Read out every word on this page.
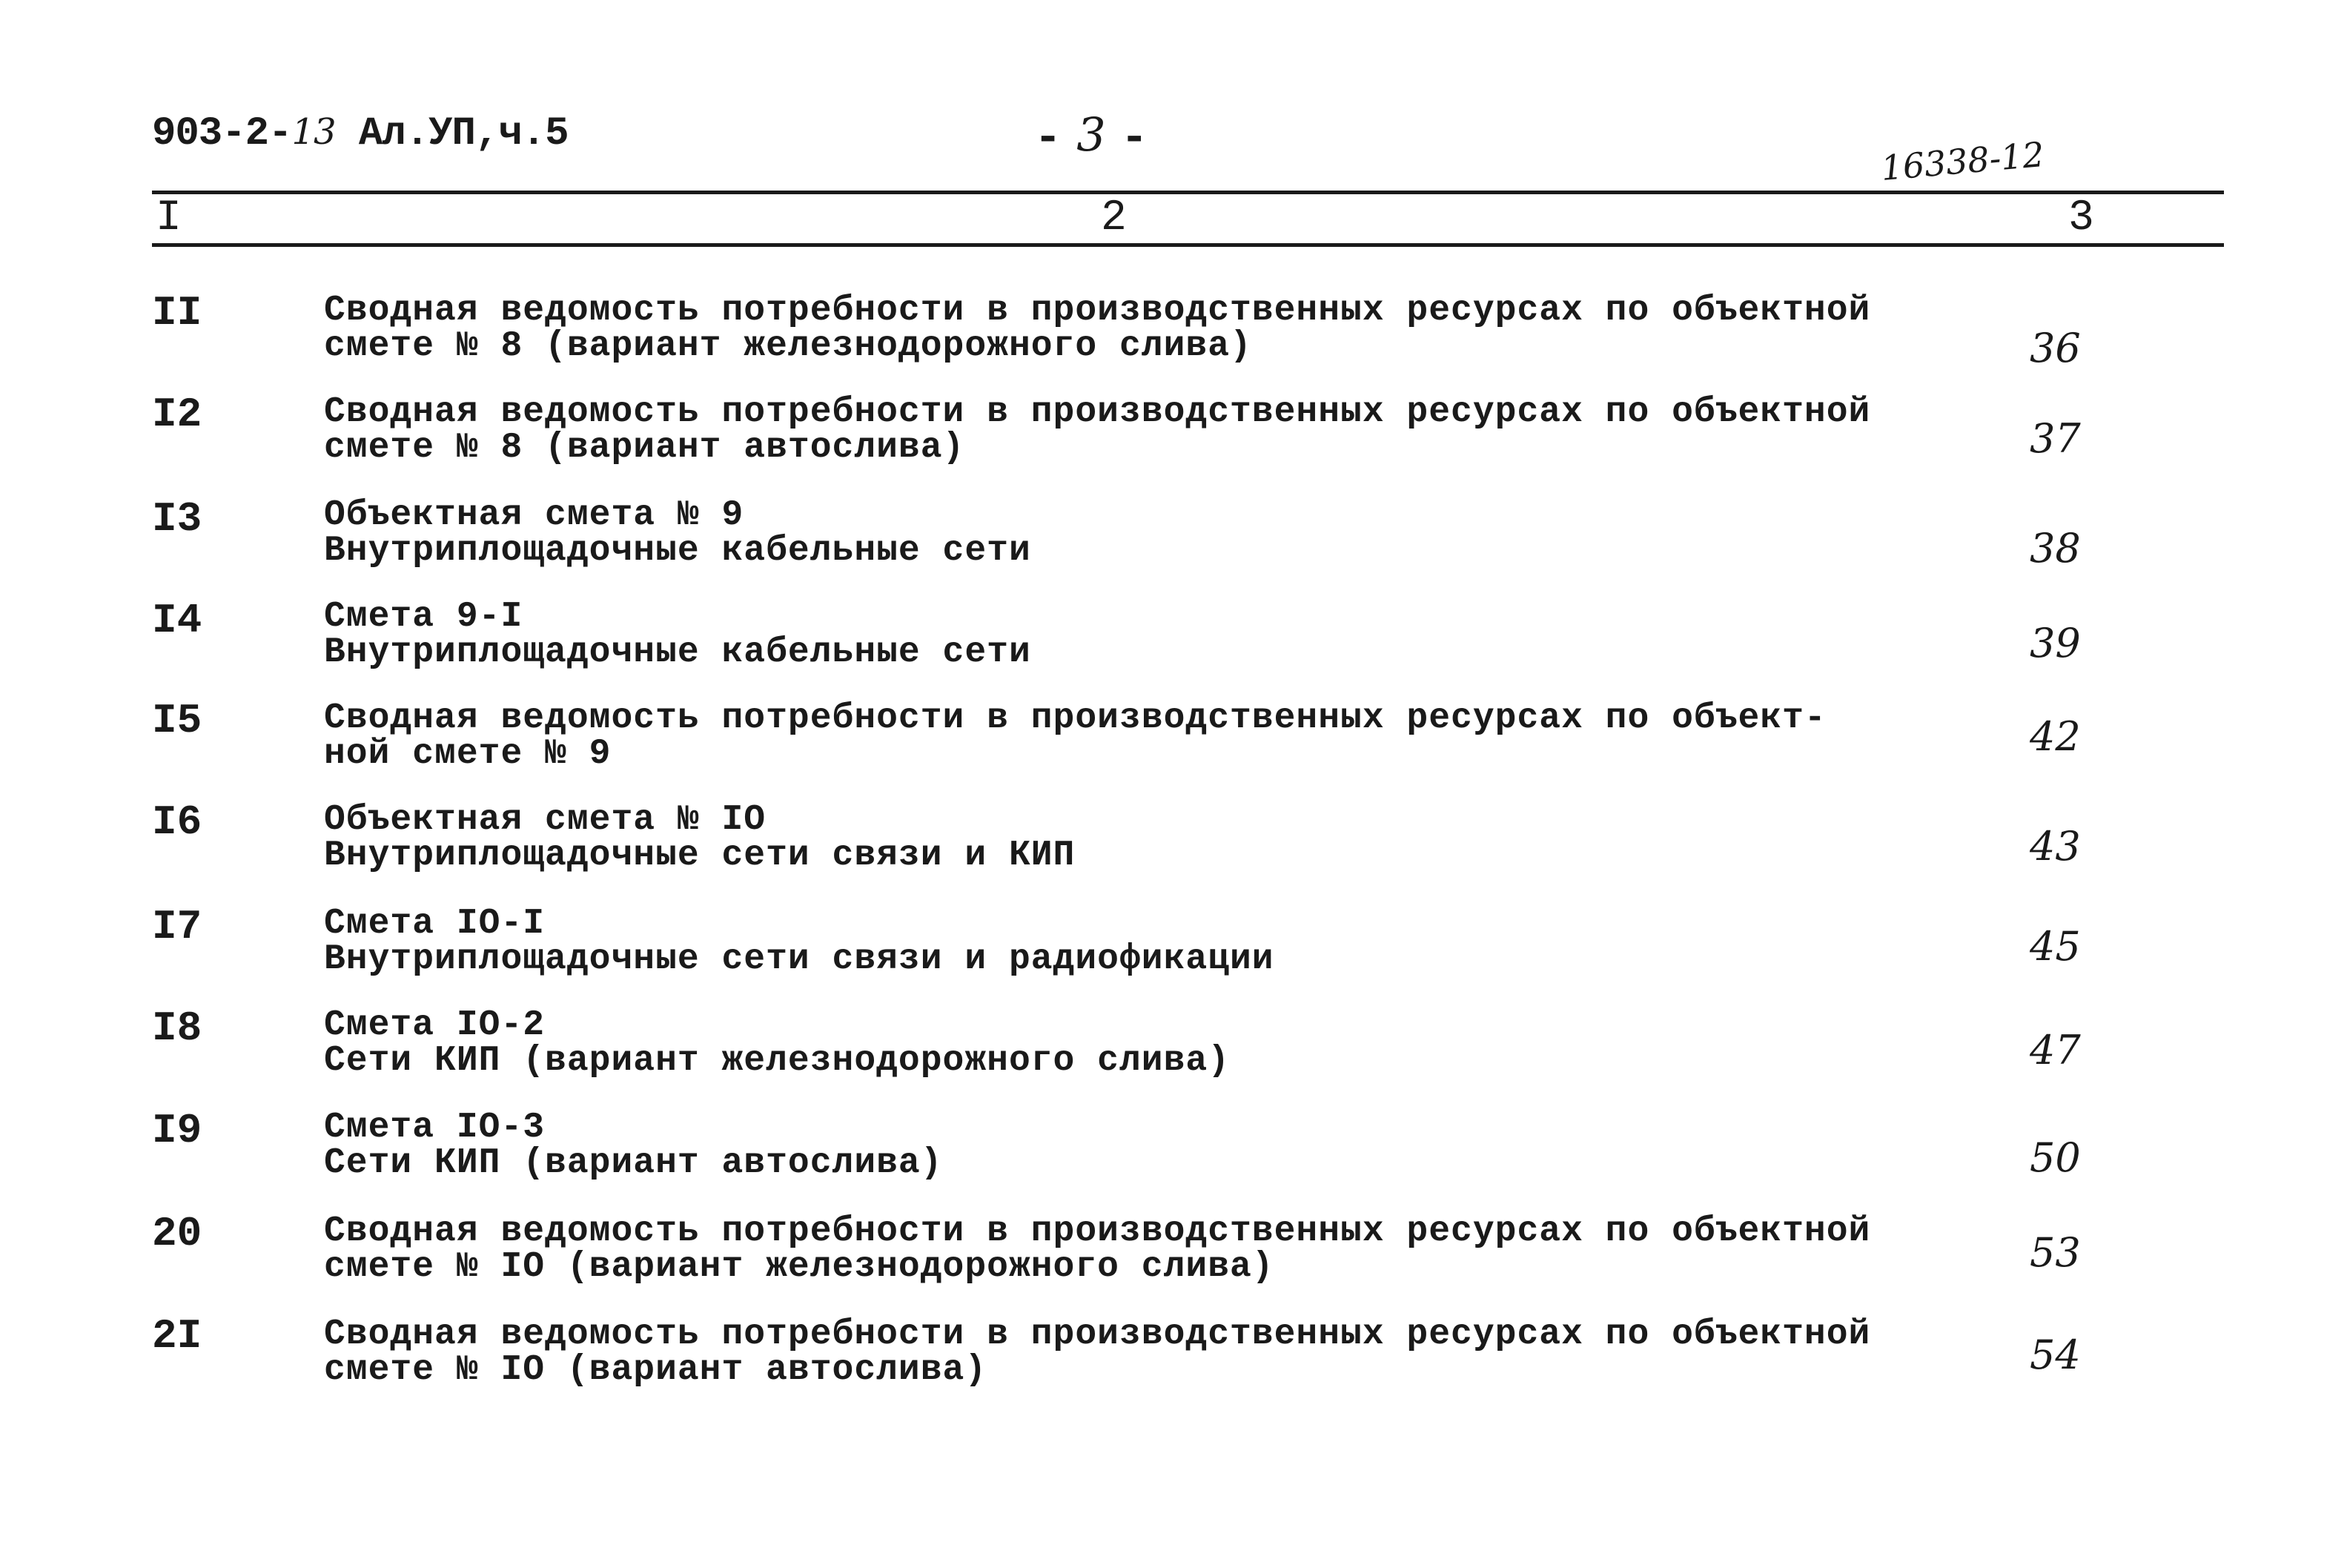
903-2-13 Ал.УП,ч.5	- 3 -	16338-12
I	2	3
II	Сводная ведомость потребности в производственных ресурсах по объектной
смете № 8 (вариант железнодорожного слива)	36
I2	Сводная ведомость потребности в производственных ресурсах по объектной
смете № 8 (вариант автослива)	37
I3	Объектная смета № 9
Внутриплощадочные кабельные сети	38
I4	Смета 9-I
Внутриплощадочные кабельные сети	39
I5	Сводная ведомость потребности в производственных ресурсах по объект-
ной смете № 9	42
I6	Объектная смета № IO
Внутриплощадочные сети связи и КИП	43
I7	Смета IO-I
Внутриплощадочные сети связи и радиофикации	45
I8	Смета IO-2
Сети КИП (вариант железнодорожного слива)	47
I9	Смета IO-3
Сети КИП (вариант автослива)	50
20	Сводная ведомость потребности в производственных ресурсах по объектной
смете № IO (вариант железнодорожного слива)	53
2I	Сводная ведомость потребности в производственных ресурсах по объектной
смете № IO (вариант автослива)	54
